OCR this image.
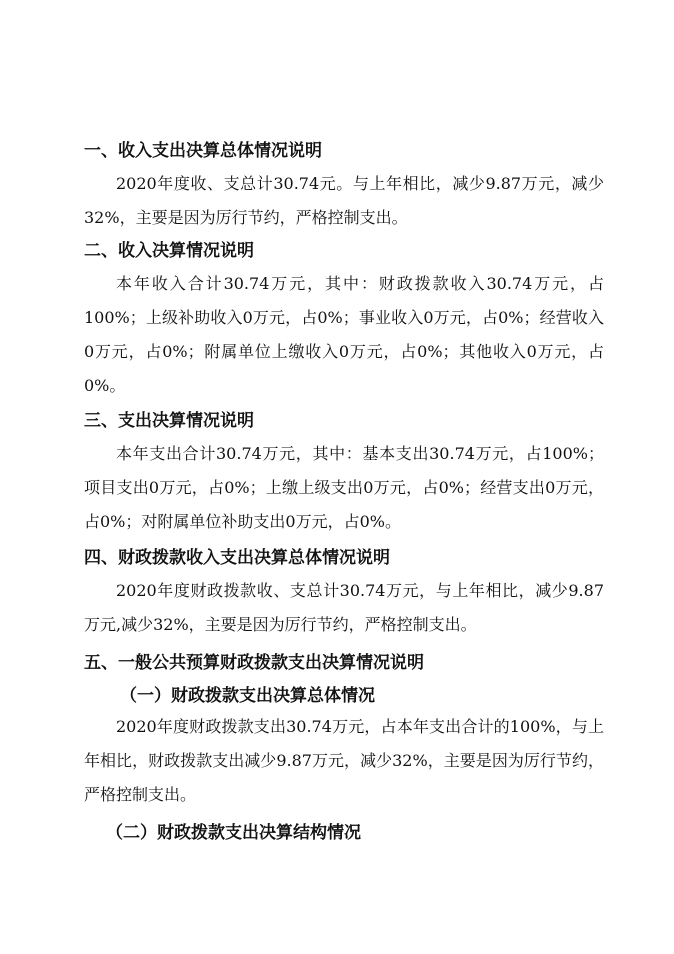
一、收入支出决算总体情况说明
2020年度收、支总计30.74元。与上年相比，减少9.87万元，减少32%，主要是因为厉行节约，严格控制支出。
二、收入决算情况说明
本年收入合计30.74万元，其中：财政拨款收入30.74万元，占100%；上级补助收入0万元，占0%；事业收入0万元，占0%；经营收入0万元，占0%；附属单位上缴收入0万元，占0%；其他收入0万元，占0%。
三、支出决算情况说明
本年支出合计30.74万元，其中：基本支出30.74万元，占100%；项目支出0万元，占0%；上缴上级支出0万元，占0%；经营支出0万元，占0%；对附属单位补助支出0万元，占0%。
四、财政拨款收入支出决算总体情况说明
2020年度财政拨款收、支总计30.74万元，与上年相比，减少9.87万元,减少32%，主要是因为厉行节约，严格控制支出。
五、一般公共预算财政拨款支出决算情况说明
（一）财政拨款支出决算总体情况
2020年度财政拨款支出30.74万元，占本年支出合计的100%，与上年相比，财政拨款支出减少9.87万元，减少32%，主要是因为厉行节约，严格控制支出。
（二）财政拨款支出决算结构情况
